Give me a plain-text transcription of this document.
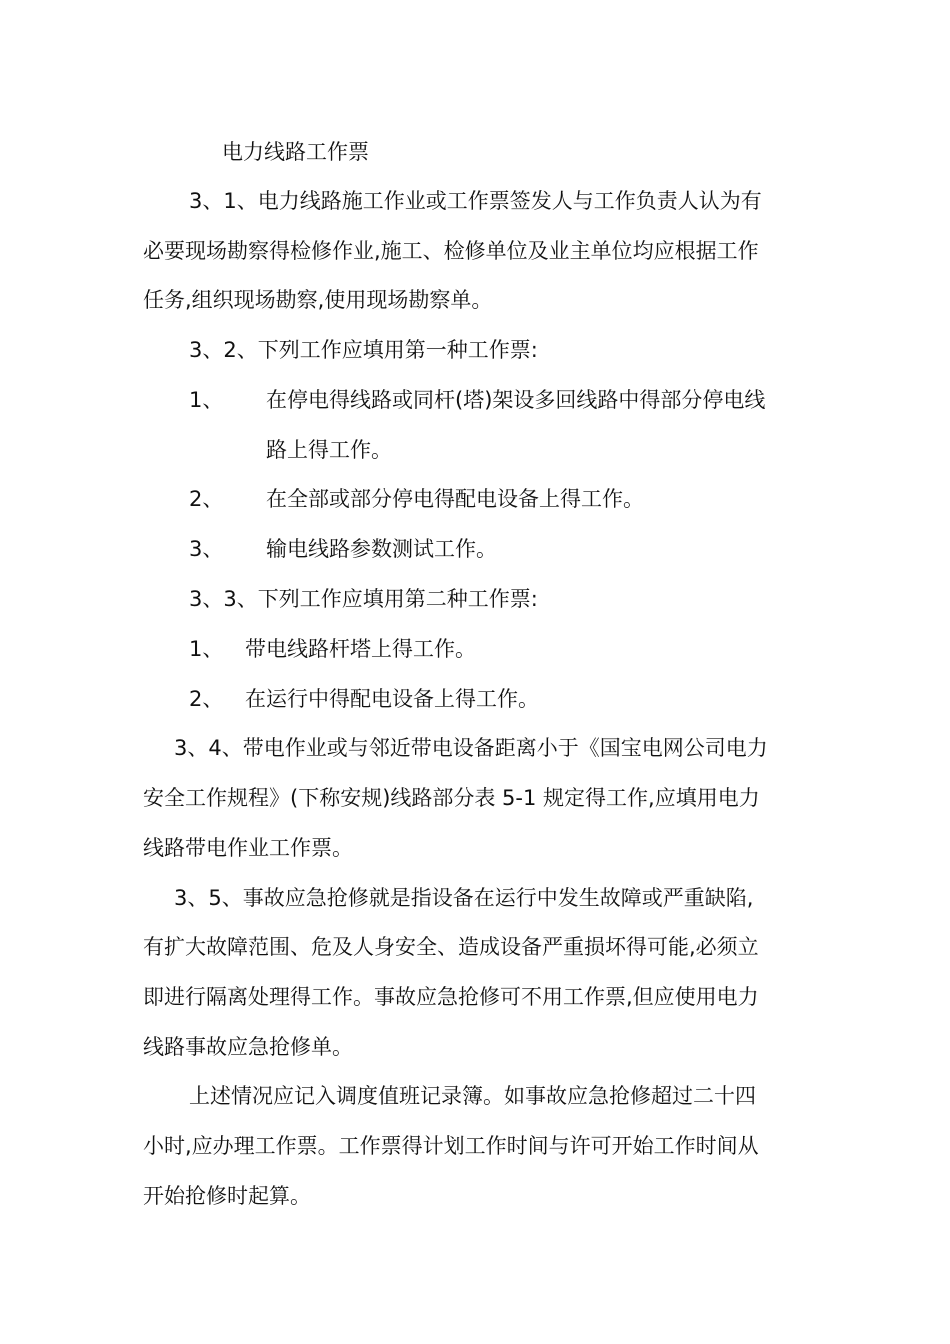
电力线路工作票
3、1、电力线路施工作业或工作票签发人与工作负责人认为有
必要现场勘察得检修作业,施工、检修单位及业主单位均应根据工作
任务,组织现场勘察,使用现场勘察单。
3、2、下列工作应填用第一种工作票:
1、 在停电得线路或同杆(塔)架设多回线路中得部分停电线
路上得工作。
2、 在全部或部分停电得配电设备上得工作。
3、 输电线路参数测试工作。
3、3、下列工作应填用第二种工作票:
1、 带电线路杆塔上得工作。
2、 在运行中得配电设备上得工作。
3、4、带电作业或与邻近带电设备距离小于《国宝电网公司电力
安全工作规程》(下称安规)线路部分表 5-1 规定得工作,应填用电力
线路带电作业工作票。
3、5、事故应急抢修就是指设备在运行中发生故障或严重缺陷,
有扩大故障范围、危及人身安全、造成设备严重损坏得可能,必须立
即进行隔离处理得工作。事故应急抢修可不用工作票,但应使用电力
线路事故应急抢修单。
上述情况应记入调度值班记录簿。如事故应急抢修超过二十四
小时,应办理工作票。工作票得计划工作时间与许可开始工作时间从
开始抢修时起算。
